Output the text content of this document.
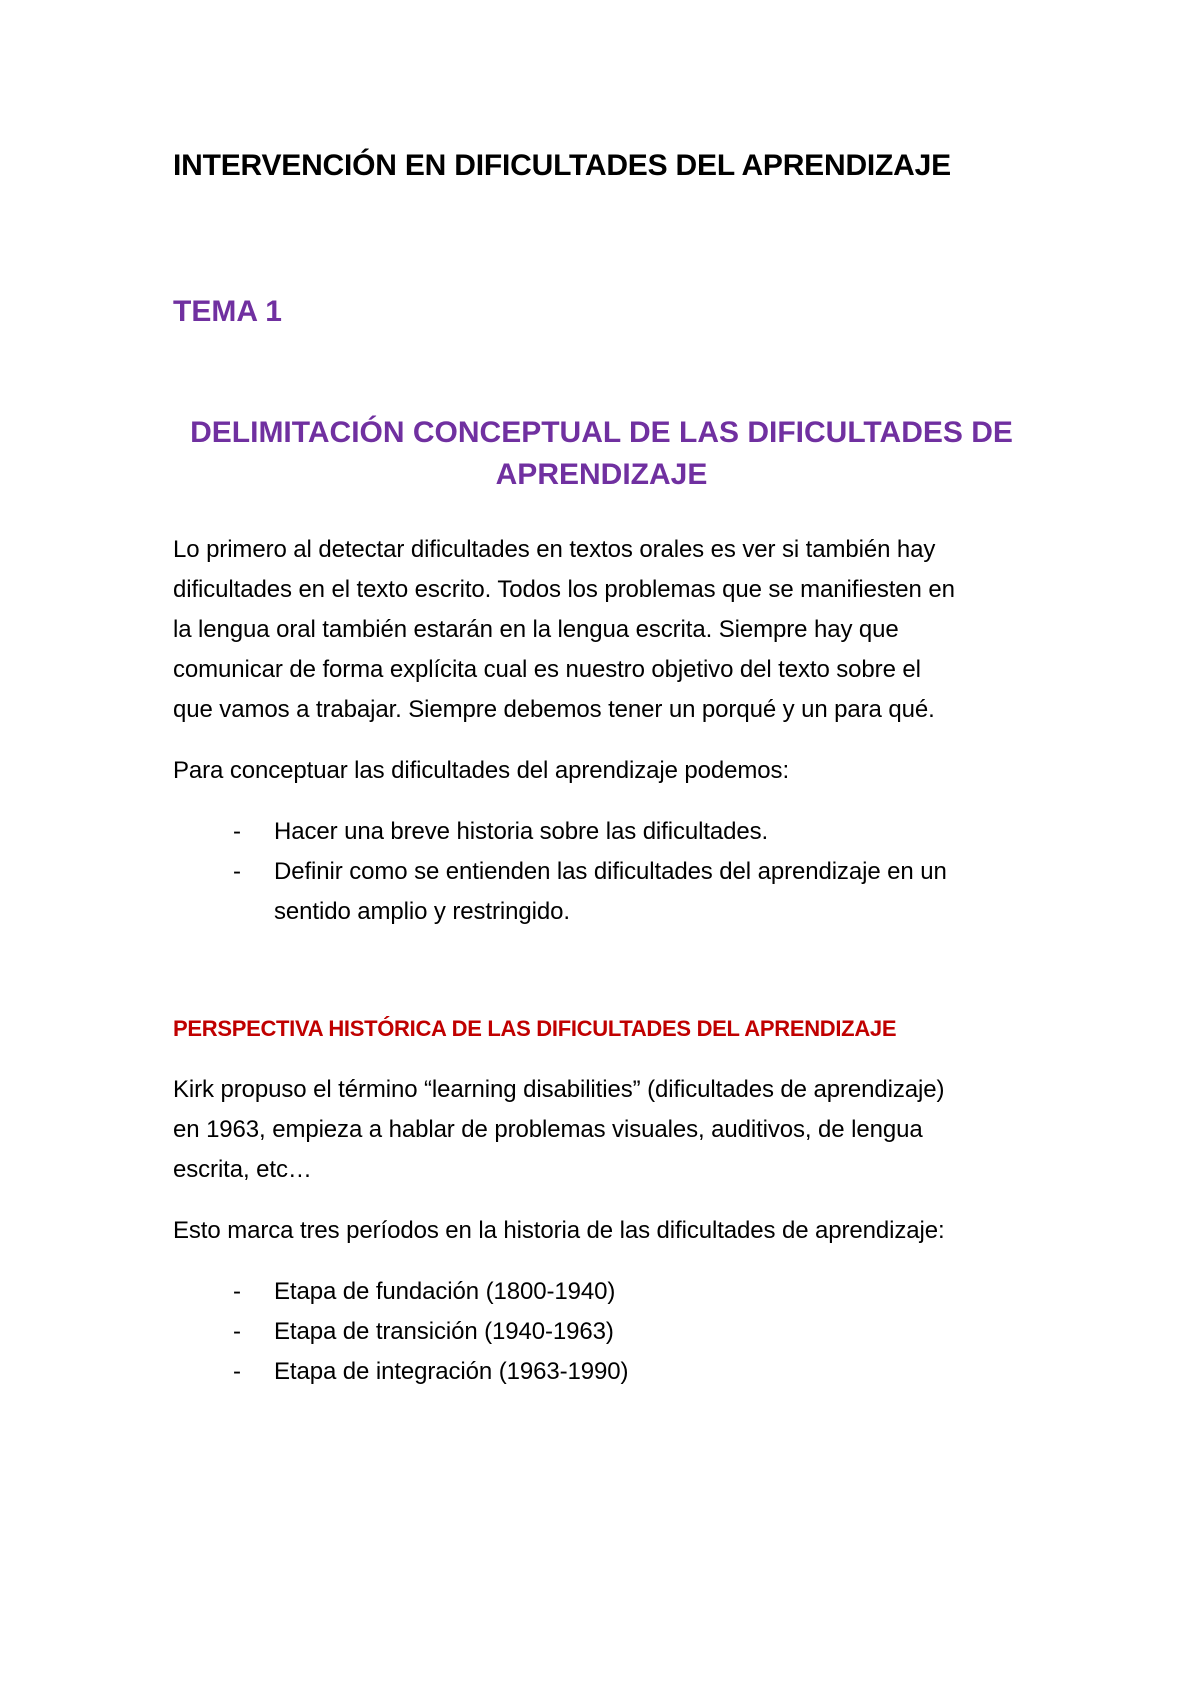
INTERVENCIÓN EN DIFICULTADES DEL APRENDIZAJE
TEMA 1
DELIMITACIÓN CONCEPTUAL DE LAS DIFICULTADES DE
APRENDIZAJE
Lo primero al detectar dificultades en textos orales es ver si también hay
dificultades en el texto escrito. Todos los problemas que se manifiesten en
la lengua oral también estarán en la lengua escrita. Siempre hay que
comunicar de forma explícita cual es nuestro objetivo del texto sobre el
que vamos a trabajar. Siempre debemos tener un porqué y un para qué.
Para conceptuar las dificultades del aprendizaje podemos:
- Hacer una breve historia sobre las dificultades.
- Definir como se entienden las dificultades del aprendizaje en un
sentido amplio y restringido.
PERSPECTIVA HISTÓRICA DE LAS DIFICULTADES DEL APRENDIZAJE
Kirk propuso el término “learning disabilities” (dificultades de aprendizaje)
en 1963, empieza a hablar de problemas visuales, auditivos, de lengua
escrita, etc…
Esto marca tres períodos en la historia de las dificultades de aprendizaje:
- Etapa de fundación (1800-1940)
- Etapa de transición (1940-1963)
- Etapa de integración (1963-1990)
